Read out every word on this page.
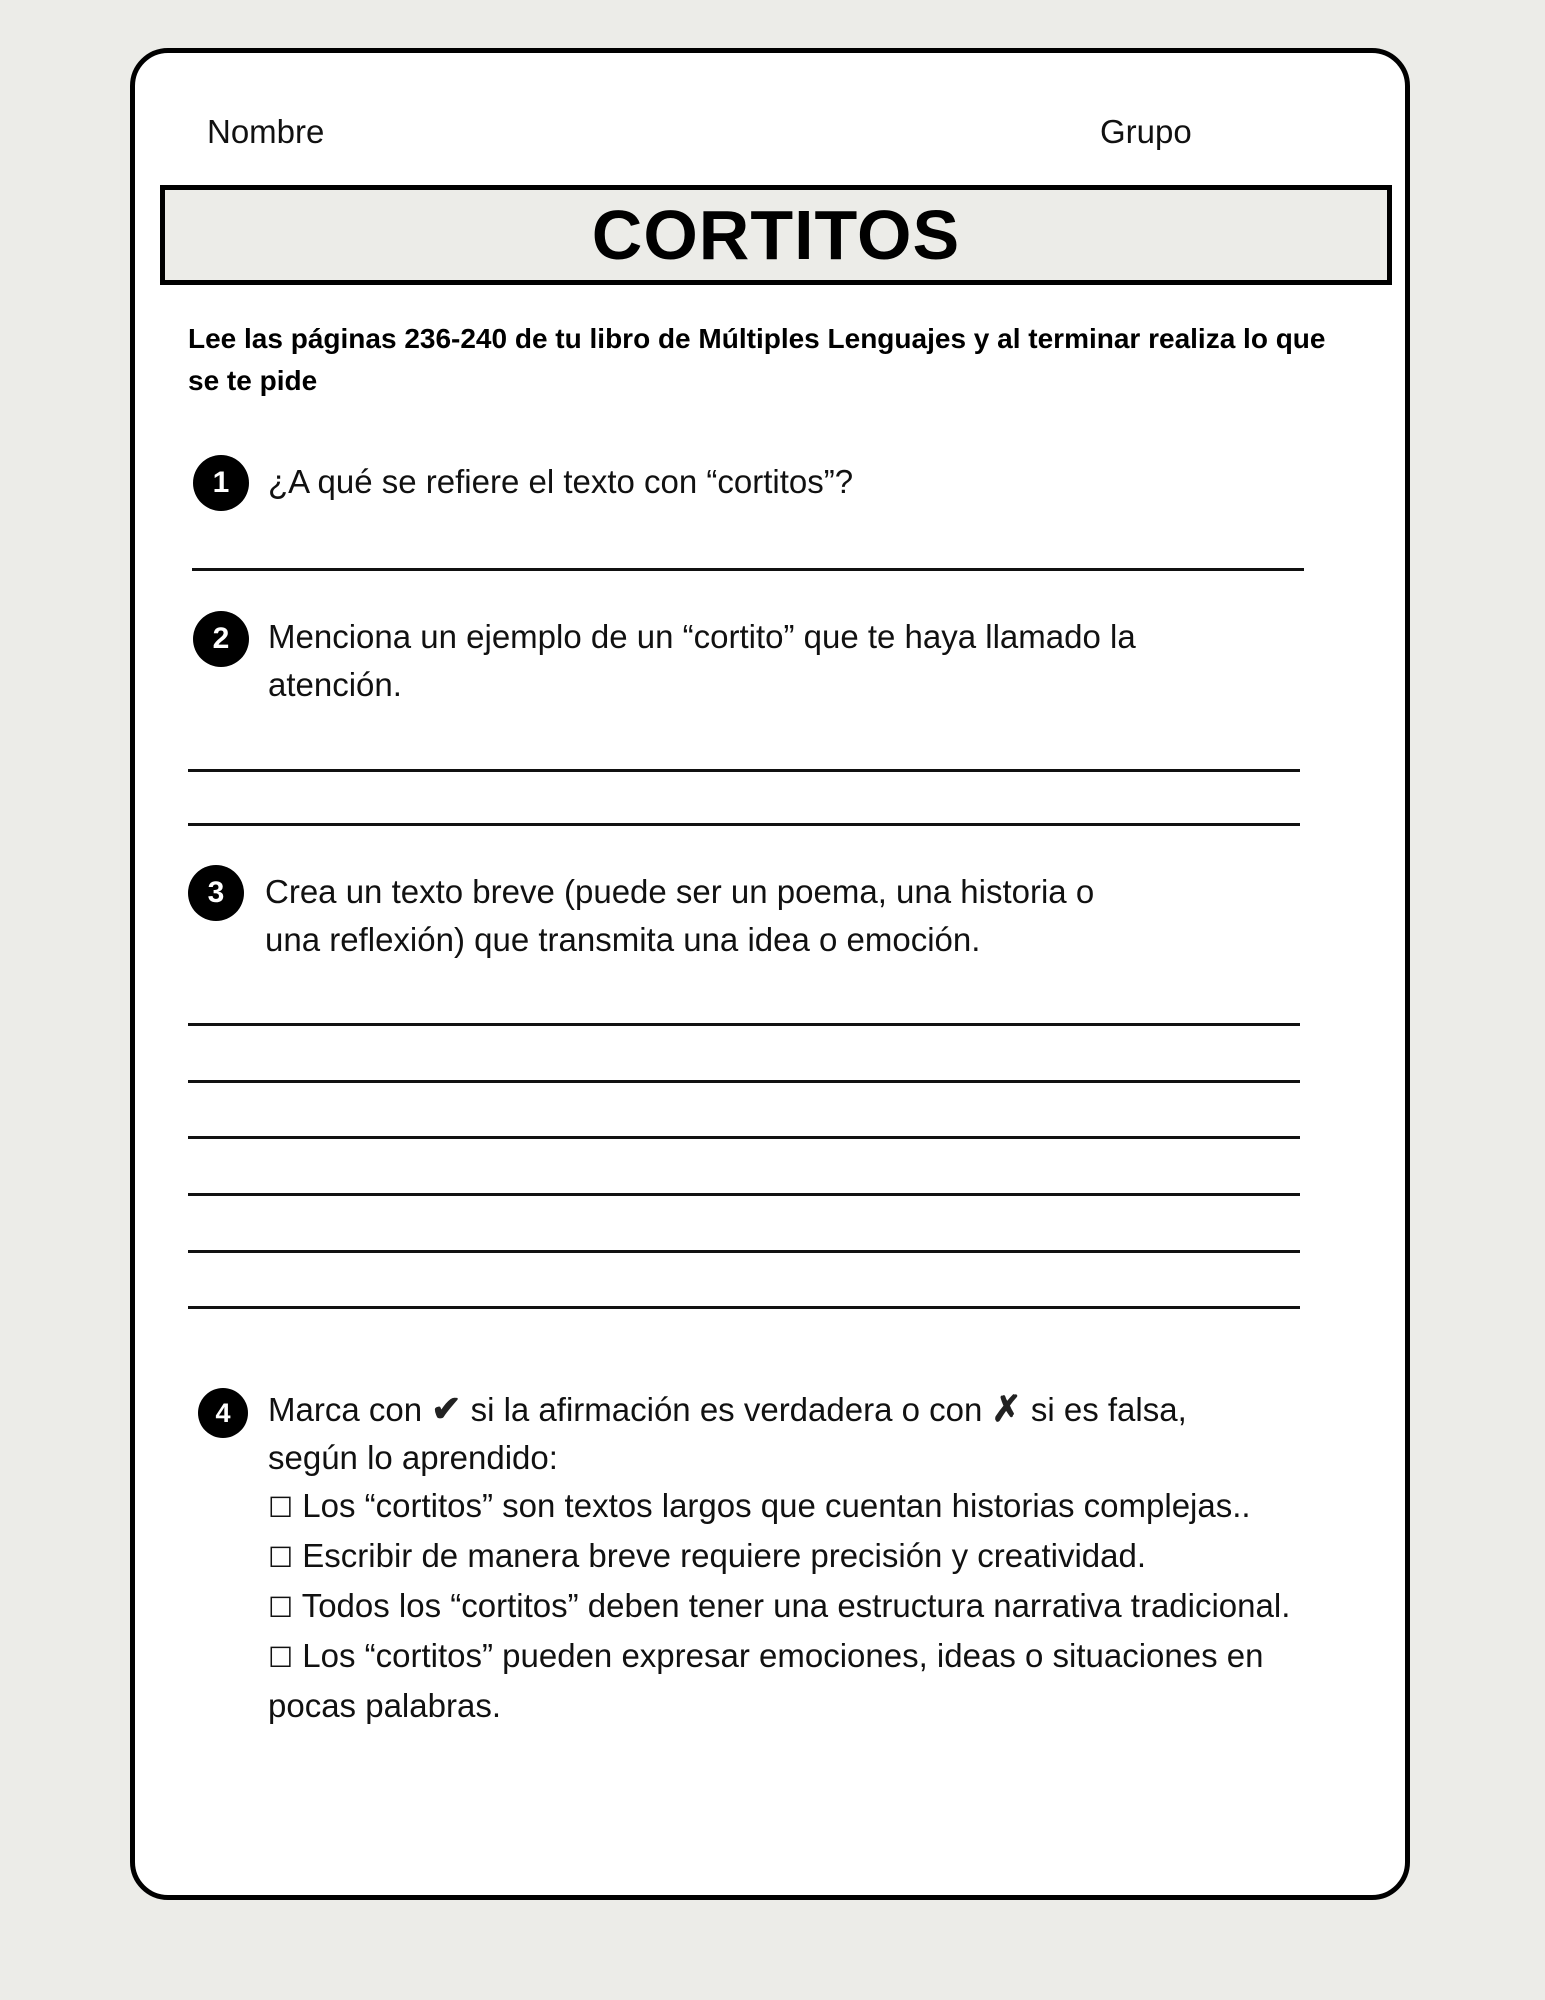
Nombre	Grupo
CORTITOS
Lee las páginas 236-240 de tu libro de Múltiples Lenguajes y al terminar realiza lo que se te pide
1	¿A qué se refiere el texto con “cortitos”?
2	Menciona un ejemplo de un “cortito” que te haya llamado la atención.
3	Crea un texto breve (puede ser un poema, una historia o
una reflexión) que transmita una idea o emoción.
4	Marca con ✔ si la afirmación es verdadera o con ✗ si es falsa,
según lo aprendido:
☐ Los “cortitos” son textos largos que cuentan historias complejas..
☐ Escribir de manera breve requiere precisión y creatividad.
☐ Todos los “cortitos” deben tener una estructura narrativa tradicional.
☐ Los “cortitos” pueden expresar emociones, ideas o situaciones en pocas palabras.
